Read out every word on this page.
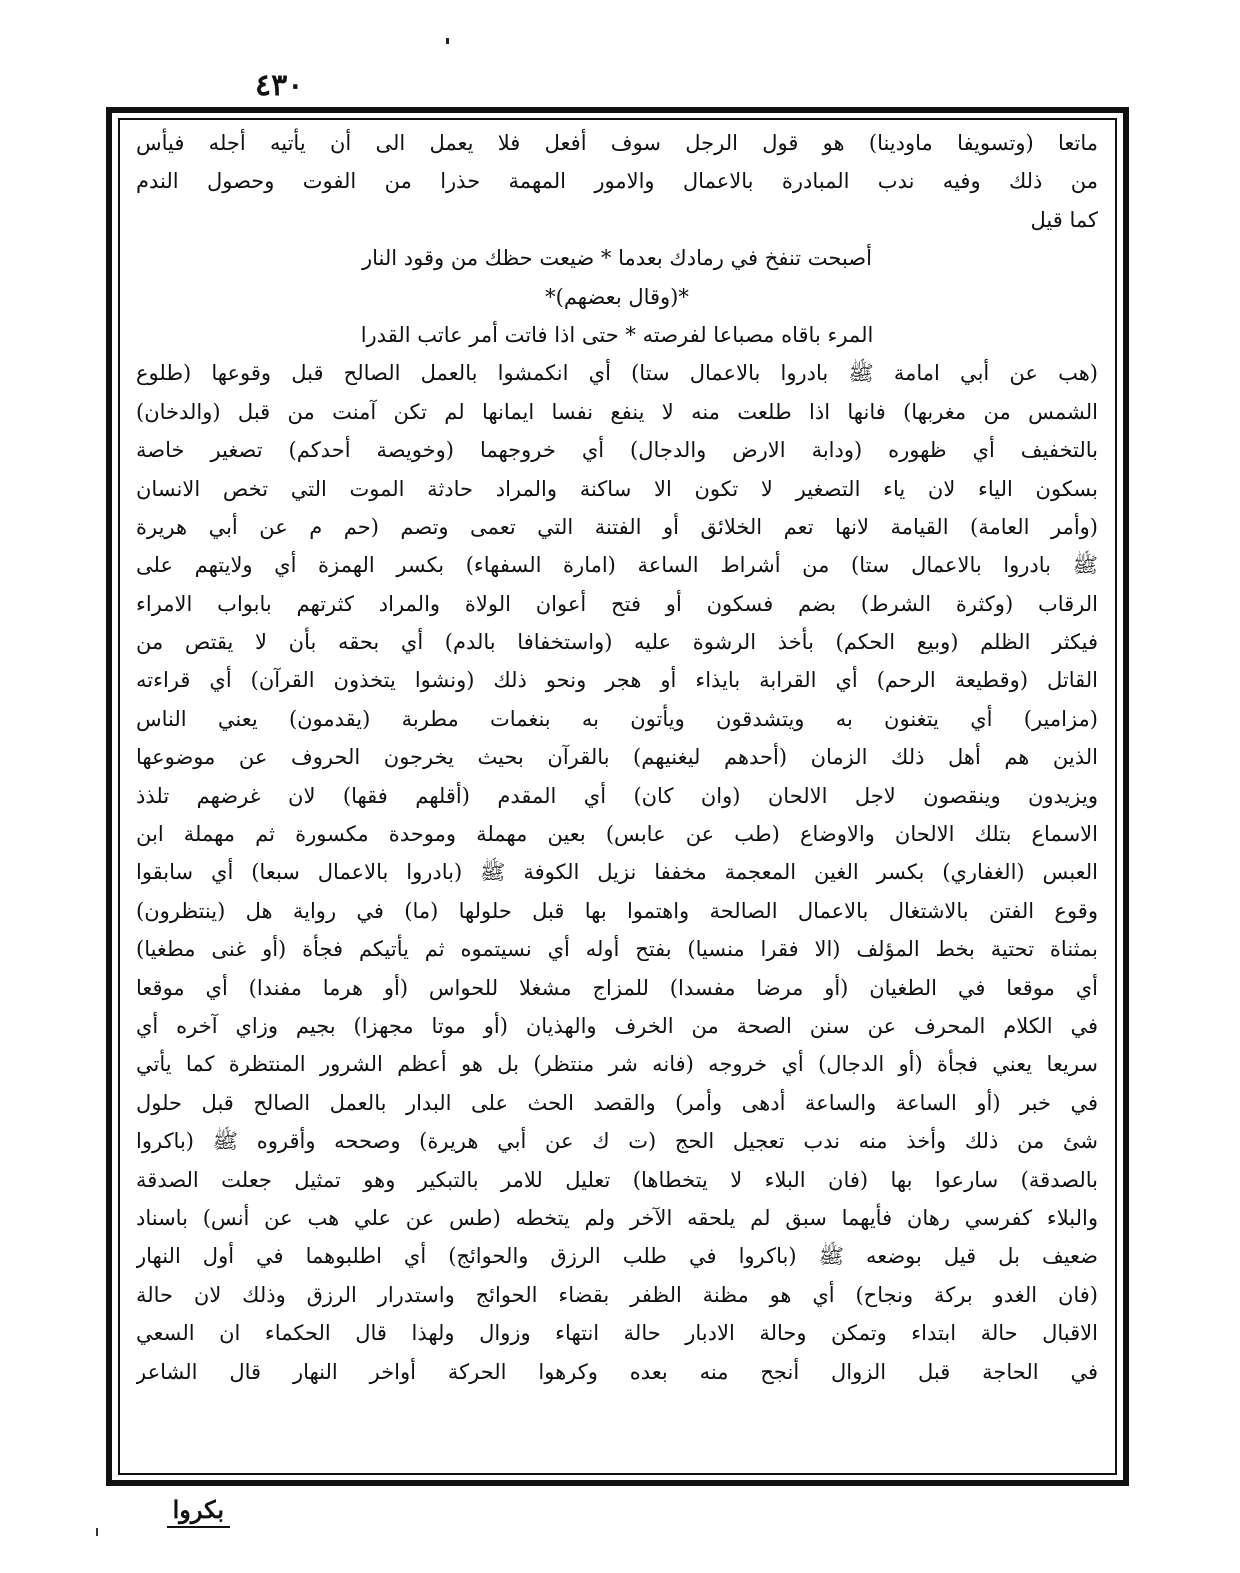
٤٣٠
ماتعا (وتسويفا ماودينا) هو قول الرجل سوف أفعل فلا يعمل الى أن يأتيه أجله فيأس
من ذلك وفيه ندب المبادرة بالاعمال والامور المهمة حذرا من الفوت وحصول الندم
كما قيل
أصبحت تنفخ في رمادك بعدما * ضيعت حظك من وقود النار
*(وقال بعضهم)*
المرء باقاه مصباعا لفرصته * حتى اذا فاتت أمر عاتب القدرا
(هب عن أبي امامة ﷺ بادروا بالاعمال ستا) أي انكمشوا بالعمل الصالح قبل وقوعها (طلوع
الشمس من مغربها) فانها اذا طلعت منه لا ينفع نفسا ايمانها لم تكن آمنت من قبل (والدخان)
بالتخفيف أي ظهوره (ودابة الارض والدجال) أي خروجهما (وخويصة أحدكم) تصغير خاصة
بسكون الياء لان ياء التصغير لا تكون الا ساكنة والمراد حادثة الموت التي تخص الانسان
(وأمر العامة) القيامة لانها تعم الخلائق أو الفتنة التي تعمى وتصم (حم م عن أبي هريرة
ﷺ بادروا بالاعمال ستا) من أشراط الساعة (امارة السفهاء) بكسر الهمزة أي ولايتهم على
الرقاب (وكثرة الشرط) بضم فسكون أو فتح أعوان الولاة والمراد كثرتهم بابواب الامراء
فيكثر الظلم (وبيع الحكم) بأخذ الرشوة عليه (واستخفافا بالدم) أي بحقه بأن لا يقتص من
القاتل (وقطيعة الرحم) أي القرابة بايذاء أو هجر ونحو ذلك (ونشوا يتخذون القرآن) أي قراءته
(مزامير) أي يتغنون به ويتشدقون ويأتون به بنغمات مطربة (يقدمون) يعني الناس
الذين هم أهل ذلك الزمان (أحدهم ليغنيهم) بالقرآن بحيث يخرجون الحروف عن موضوعها
ويزيدون وينقصون لاجل الالحان (وان كان) أي المقدم (أقلهم فقها) لان غرضهم تلذذ
الاسماع بتلك الالحان والاوضاع (طب عن عابس) بعين مهملة وموحدة مكسورة ثم مهملة ابن
العبس (الغفاري) بكسر الغين المعجمة مخففا نزيل الكوفة ﷺ (بادروا بالاعمال سبعا) أي سابقوا
وقوع الفتن بالاشتغال بالاعمال الصالحة واهتموا بها قبل حلولها (ما) في رواية هل (ينتظرون)
بمثناة تحتية بخط المؤلف (الا فقرا منسيا) بفتح أوله أي نسيتموه ثم يأتيكم فجأة (أو غنى مطغيا)
أي موقعا في الطغيان (أو مرضا مفسدا) للمزاج مشغلا للحواس (أو هرما مفندا) أي موقعا
في الكلام المحرف عن سنن الصحة من الخرف والهذيان (أو موتا مجهزا) بجيم وزاي آخره أي
سريعا يعني فجأة (أو الدجال) أي خروجه (فانه شر منتظر) بل هو أعظم الشرور المنتظرة كما يأتي
في خبر (أو الساعة والساعة أدهى وأمر) والقصد الحث على البدار بالعمل الصالح قبل حلول
شئ من ذلك وأخذ منه ندب تعجيل الحج (ت ك عن أبي هريرة) وصححه وأقروه ﷺ (باكروا
بالصدقة) سارعوا بها (فان البلاء لا يتخطاها) تعليل للامر بالتبكير وهو تمثيل جعلت الصدقة
والبلاء كفرسي رهان فأيهما سبق لم يلحقه الآخر ولم يتخطه (طس عن علي هب عن أنس) باسناد
ضعيف بل قيل بوضعه ﷺ (باكروا في طلب الرزق والحوائج) أي اطلبوهما في أول النهار
(فان الغدو بركة ونجاح) أي هو مظنة الظفر بقضاء الحوائج واستدرار الرزق وذلك لان حالة
الاقبال حالة ابتداء وتمكن وحالة الادبار حالة انتهاء وزوال ولهذا قال الحكماء ان السعي
في الحاجة قبل الزوال أنجح منه بعده وكرهوا الحركة أواخر النهار قال الشاعر
بكروا
